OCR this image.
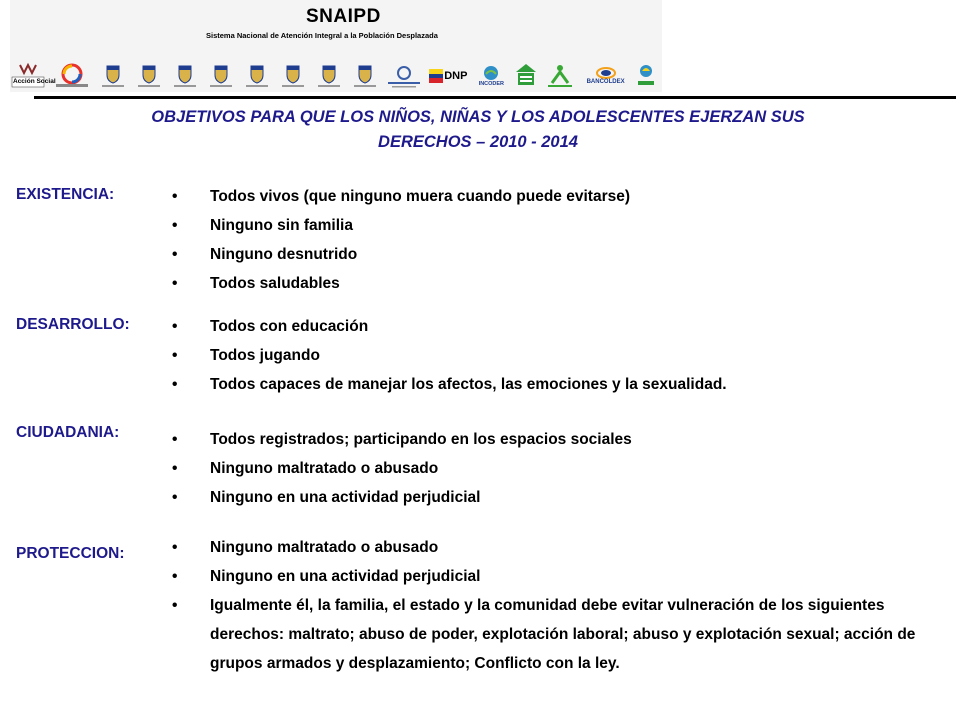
SNAIPD
Sistema Nacional de Atención Integral a la Población Desplazada
Acción Social	DNP
INCODER	BANCOLDEX
OBJETIVOS PARA QUE LOS NIÑOS, NIÑAS Y LOS ADOLESCENTES EJERZAN SUS
DERECHOS – 2010 - 2014
EXISTENCIA:	• Todos vivos (que ninguno muera cuando puede evitarse)
• Ninguno sin familia
• Ninguno desnutrido
• Todos saludables
DESARROLLO:	• Todos con educación
• Todos jugando
• Todos capaces de manejar los afectos, las emociones y la sexualidad.
CIUDADANIA:	• Todos registrados; participando en los espacios sociales
• Ninguno maltratado o abusado
• Ninguno en una actividad perjudicial
PROTECCION:	• Ninguno maltratado o abusado
• Ninguno en una actividad perjudicial
• Igualmente él, la familia, el estado y la comunidad debe evitar vulneración de los siguientes derechos: maltrato; abuso de poder, explotación laboral; abuso y explotación sexual; acción de grupos armados y desplazamiento; Conflicto con la ley.
